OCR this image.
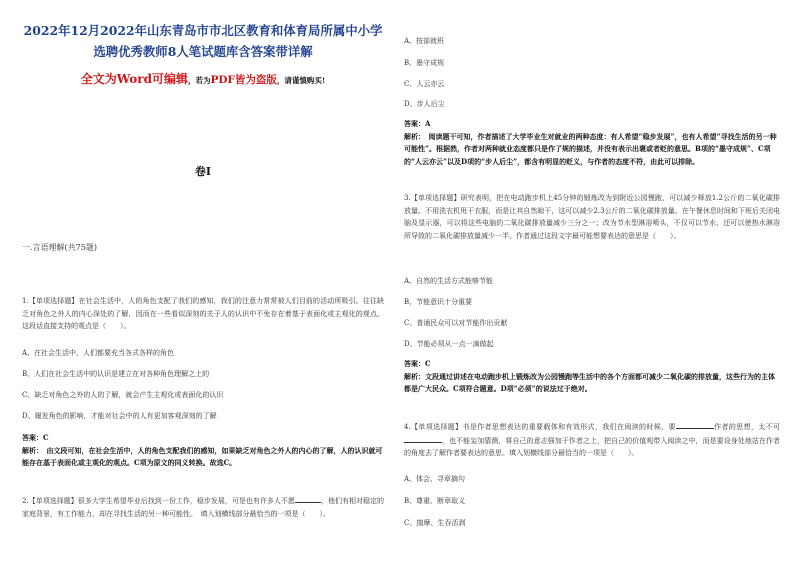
2022年12月2022年山东青岛市市北区教育和体育局所属中小学选聘优秀教师8人笔试题库含答案带详解
全文为Word可编辑，若为PDF皆为盗版，请谨慎购买!
卷I
一.言语理解(共75题)

1.【单项选择题】在社会生活中，人的角色支配了我们的感知，我们的注意力常常被人们目前的活动所吸引。往往缺乏对角色之外人的内心深处的了解，因而在一些看似深刻的关于人的认识中不免存在着基于表面化或主观化的观点。这段话直接支持的观点是（　　）。

A、在社会生活中，人们都要充当各式各样的角色
B、人们在社会生活中的认识是建立在对各种角色理解之上的
C、缺乏对角色之外的人的了解，就会产生主观化或表面化的认识
D、履发角色的影响，才能对社会中的人有更加客观深刻的了解

答案：C

解析：　由文段可知，在社会生活中，人的角色支配我们的感知，如果缺乏对角色之外人的内心的了解，人的认识就可能存在基于表面化或主观化的观点。C项为原文的同义转换。故选C。

2.【单项选择题】很多大学生希望毕业后找到一份工作，稳步发展，可是也有许多人不愿	，他们有相对稳定的家庭背景，有工作能力，却在寻找生活的另一种可能性。　填入划横线部分最恰当的一项是（　　）。

A、按部就班
B、墨守成规
C、人云亦云
D、步人后尘

答案：A

解析：　阅读题干可知，作者描述了大学毕业生对就业的两种态度：有人希望“稳步发展”，也有人希望“寻找生活的另一种可能性”。根据然，作者对两种就业态度都只是作了规的描述，并没有表示出褒或者贬的意思。B项的“墨守成规”、C项的“人云亦云”以及D项的“步人后尘”，都含有明显的贬义，与作者的态度不符，由此可以排除。

3.【单项选择题】研究表明，把在电动跑步机上45分钟的锻炼改为到附近公园慢跑，可以减少释放1.2公斤的二氧化碳排放量。不用洗衣机甩干衣服，而是让其自然晾干，这可以减少2.3公斤的二氧化碳排放量。在午餐休息时间和下班后关闭电脑及显示器，可以将这些电脑的二氧化碳排放量减少三分之一；改为节水型淋浴喷头，不仅可以节水，还可以使热水淋浴所导致的二氧化碳排放量减少一半。作者通过这段文字最可能想要表达的意思是（　　）。

A、自然的生活方式能够节能
B、节能意识十分重要
C、普通民众可以对节能作出贡献
D、节能必须从一点一滴做起

答案：C

解析：文段通过讲述在电动跑步机上锻炼改为公园慢跑等生活中的各个方面都可减少二氧化碳的排放量，这些行为的主体都是广大民众。C项符合题意。D项“必须”的说法过于绝对。

4.【单项选择题】书是作者思想表达的重要载体和有效形式，我们在阅读的时候，要	作者的思想，太不可，也不能妄加猜测，将自己的意志强加于作者之上，把自己的价值观带入阅读之中，而是要设身处地站在作者的角度去了解作者要表达的意思。填入划横线部分最恰当的一项是（　　）。

A、体会、寻章摘句
B、尊重、断章取义
C、揣摩、生吞活剥
